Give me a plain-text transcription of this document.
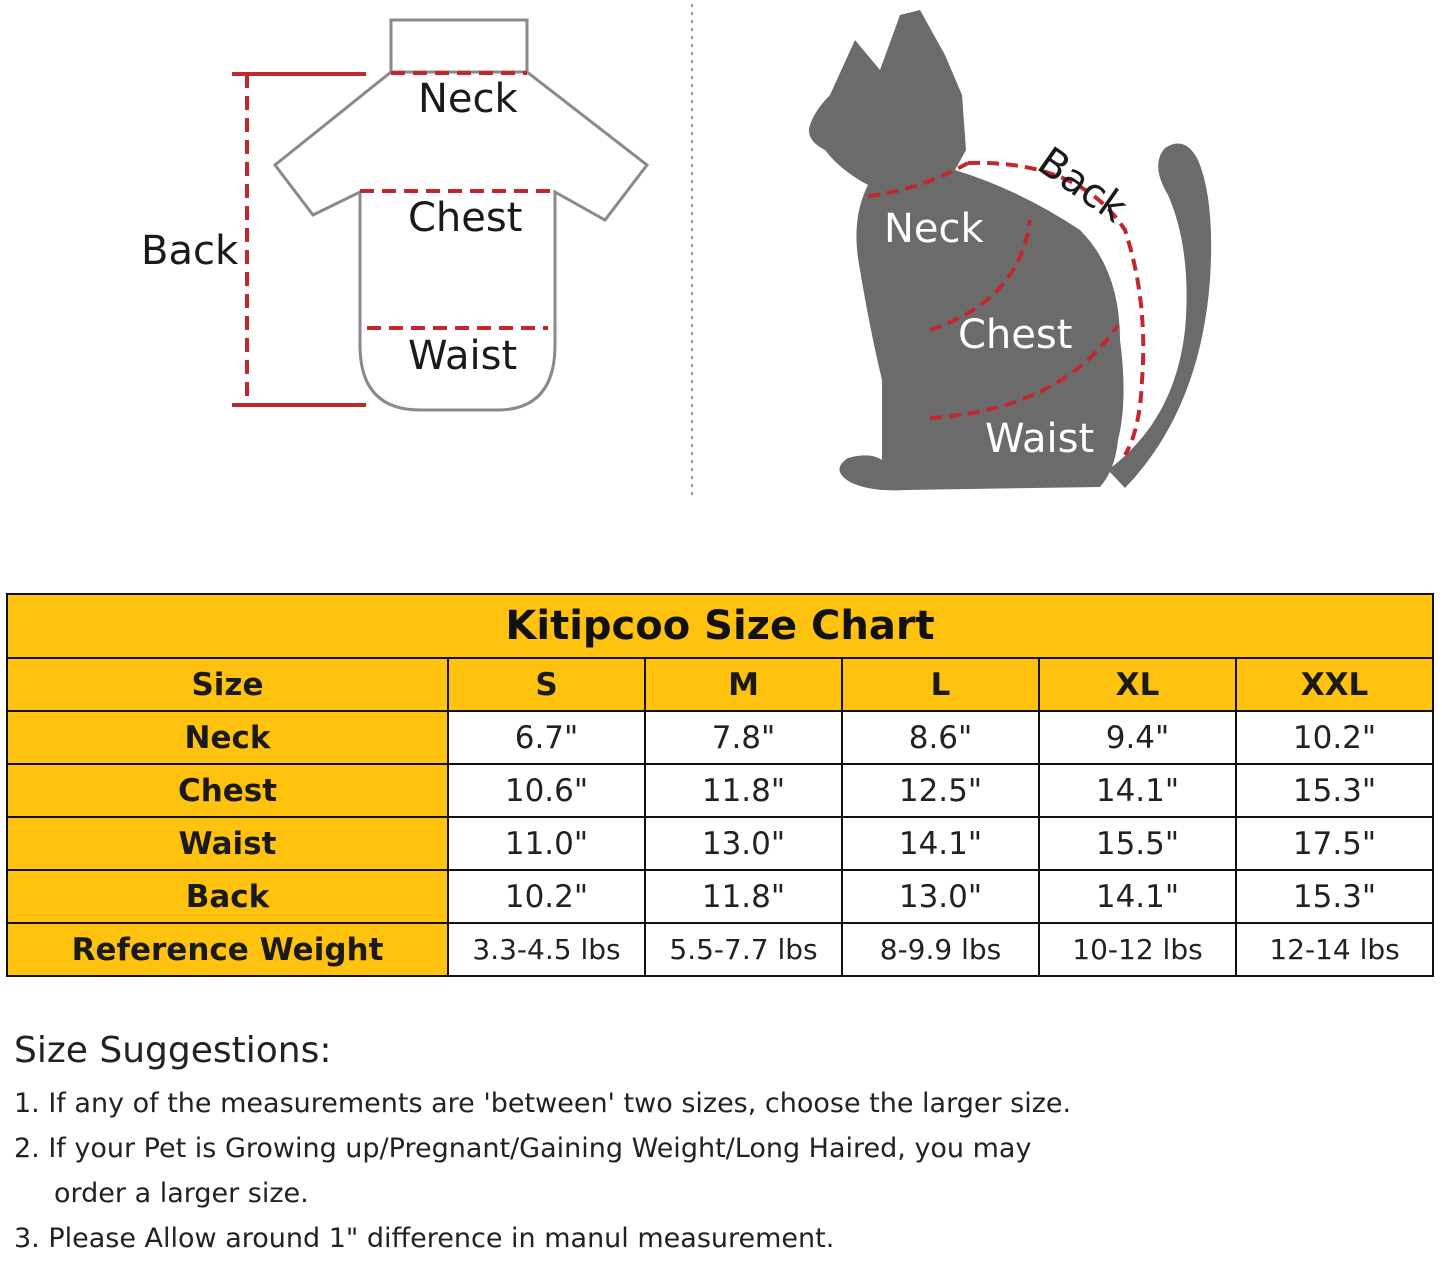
Neck
Chest
Waist
Back	Neck
Chest
Waist
Back
Kitipcoo Size Chart					
Size	S	M	L	XL	XXL
Neck	6.7"	7.8"	8.6"	9.4"	10.2"
Chest	10.6"	11.8"	12.5"	14.1"	15.3"
Waist	11.0"	13.0"	14.1"	15.5"	17.5"
Back	10.2"	11.8"	13.0"	14.1"	15.3"
Reference Weight	3.3-4.5 lbs	5.5-7.7 lbs	8-9.9 lbs	10-12 lbs	12-14 lbs

Size Suggestions:

1. If any of the measurements are 'between' two sizes, choose the larger size.

2. If your Pet is Growing up/Pregnant/Gaining Weight/Long Haired, you may

order a larger size.

3. Please Allow around 1" difference in manul measurement.
